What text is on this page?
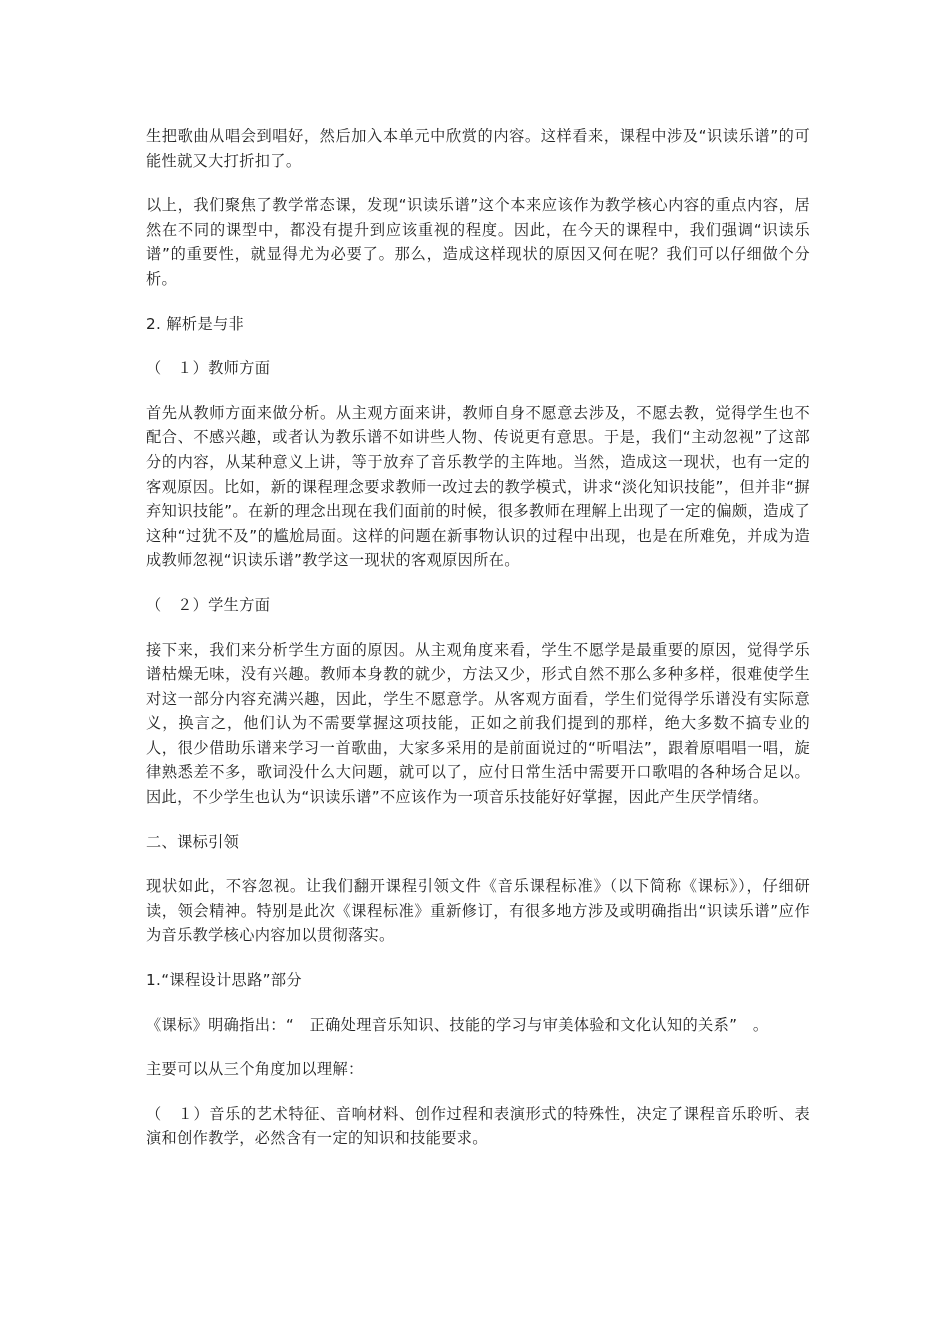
生把歌曲从唱会到唱好，然后加入本单元中欣赏的内容。这样看来，课程中涉及“识读乐谱”的可能性就又大打折扣了。

以上，我们聚焦了教学常态课，发现“识读乐谱”这个本来应该作为教学核心内容的重点内容，居然在不同的课型中，都没有提升到应该重视的程度。因此，在今天的课程中，我们强调“识读乐谱”的重要性，就显得尤为必要了。那么，造成这样现状的原因又何在呢？我们可以仔细做个分析。

2. 解析是与非

（　１）教师方面

首先从教师方面来做分析。从主观方面来讲，教师自身不愿意去涉及，不愿去教，觉得学生也不配合、不感兴趣，或者认为教乐谱不如讲些人物、传说更有意思。于是，我们“主动忽视”了这部分的内容，从某种意义上讲，等于放弃了音乐教学的主阵地。当然，造成这一现状，也有一定的客观原因。比如，新的课程理念要求教师一改过去的教学模式，讲求“淡化知识技能”，但并非“摒弃知识技能”。在新的理念出现在我们面前的时候，很多教师在理解上出现了一定的偏颇，造成了这种“过犹不及”的尴尬局面。这样的问题在新事物认识的过程中出现，也是在所难免，并成为造成教师忽视“识读乐谱”教学这一现状的客观原因所在。

（　２）学生方面

接下来，我们来分析学生方面的原因。从主观角度来看，学生不愿学是最重要的原因，觉得学乐谱枯燥无味，没有兴趣。教师本身教的就少，方法又少，形式自然不那么多种多样，很难使学生对这一部分内容充满兴趣，因此，学生不愿意学。从客观方面看，学生们觉得学乐谱没有实际意义，换言之，他们认为不需要掌握这项技能，正如之前我们提到的那样，绝大多数不搞专业的人，很少借助乐谱来学习一首歌曲，大家多采用的是前面说过的“听唱法”，跟着原唱唱一唱，旋律熟悉差不多，歌词没什么大问题，就可以了，应付日常生活中需要开口歌唱的各种场合足以。因此，不少学生也认为“识读乐谱”不应该作为一项音乐技能好好掌握，因此产生厌学情绪。

二、课标引领

现状如此，不容忽视。让我们翻开课程引领文件《音乐课程标准》（以下简称《课标》），仔细研读，领会精神。特别是此次《课程标准》重新修订，有很多地方涉及或明确指出“识读乐谱”应作为音乐教学核心内容加以贯彻落实。

1.“课程设计思路”部分

《课标》明确指出：“　正确处理音乐知识、技能的学习与审美体验和文化认知的关系”　。

主要可以从三个角度加以理解：

（　１）音乐的艺术特征、音响材料、创作过程和表演形式的特殊性，决定了课程音乐聆听、表演和创作教学，必然含有一定的知识和技能要求。
